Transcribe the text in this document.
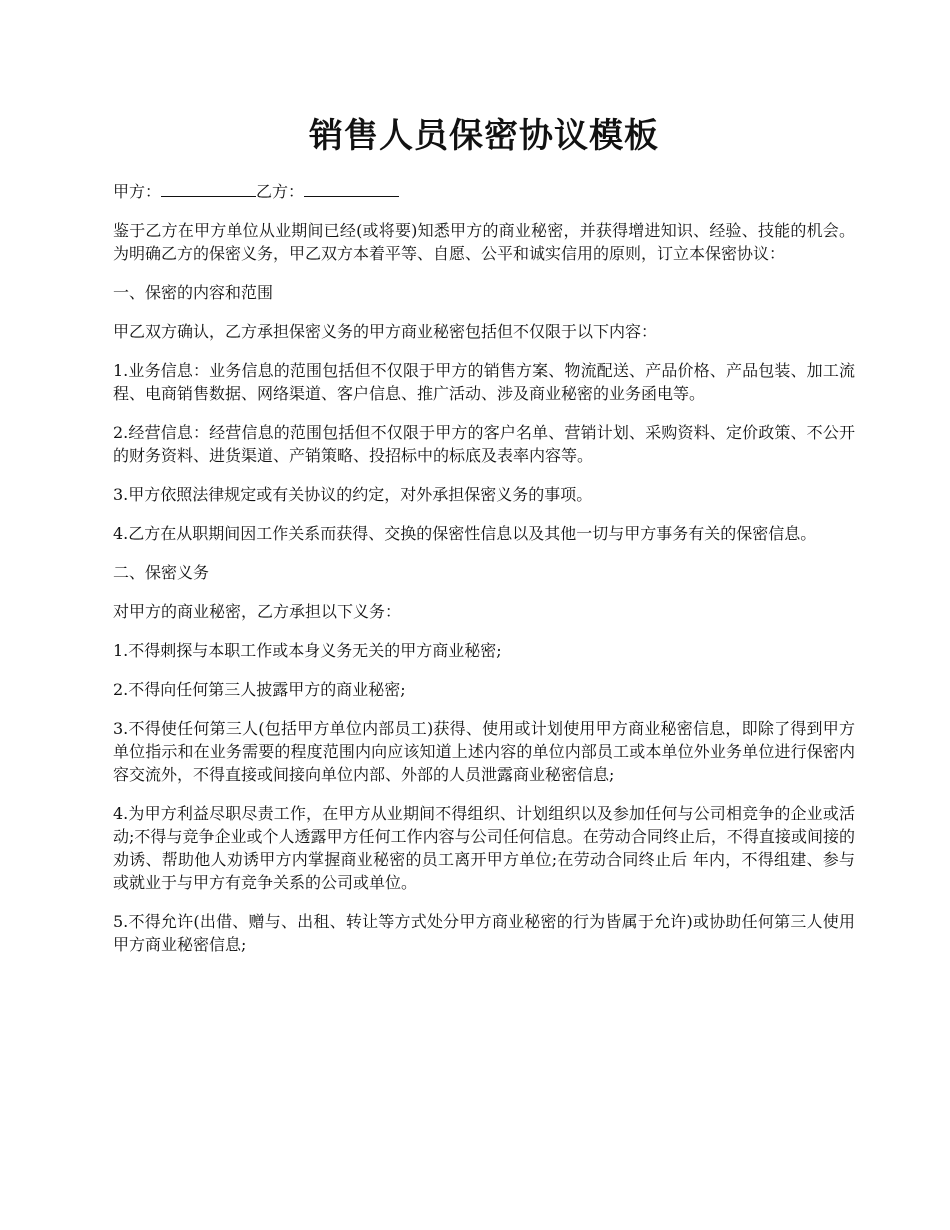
销售人员保密协议模板

甲方：	乙方：

鉴于乙方在甲方单位从业期间已经(或将要)知悉甲方的商业秘密，并获得增进知识、经验、技能的机会。为明确乙方的保密义务，甲乙双方本着平等、自愿、公平和诚实信用的原则，订立本保密协议：

一、保密的内容和范围

甲乙双方确认，乙方承担保密义务的甲方商业秘密包括但不仅限于以下内容：

1.业务信息：业务信息的范围包括但不仅限于甲方的销售方案、物流配送、产品价格、产品包装、加工流程、电商销售数据、网络渠道、客户信息、推广活动、涉及商业秘密的业务函电等。

2.经营信息：经营信息的范围包括但不仅限于甲方的客户名单、营销计划、采购资料、定价政策、不公开的财务资料、进货渠道、产销策略、投招标中的标底及表率内容等。

3.甲方依照法律规定或有关协议的约定，对外承担保密义务的事项。

4.乙方在从职期间因工作关系而获得、交换的保密性信息以及其他一切与甲方事务有关的保密信息。

二、保密义务

对甲方的商业秘密，乙方承担以下义务：

1.不得刺探与本职工作或本身义务无关的甲方商业秘密;

2.不得向任何第三人披露甲方的商业秘密;

3.不得使任何第三人(包括甲方单位内部员工)获得、使用或计划使用甲方商业秘密信息，即除了得到甲方单位指示和在业务需要的程度范围内向应该知道上述内容的单位内部员工或本单位外业务单位进行保密内容交流外，不得直接或间接向单位内部、外部的人员泄露商业秘密信息;

4.为甲方利益尽职尽责工作，在甲方从业期间不得组织、计划组织以及参加任何与公司相竞争的企业或活动;不得与竞争企业或个人透露甲方任何工作内容与公司任何信息。在劳动合同终止后，不得直接或间接的劝诱、帮助他人劝诱甲方内掌握商业秘密的员工离开甲方单位;在劳动合同终止后 年内，不得组建、参与或就业于与甲方有竞争关系的公司或单位。

5.不得允许(出借、赠与、出租、转让等方式处分甲方商业秘密的行为皆属于允许)或协助任何第三人使用甲方商业秘密信息;
